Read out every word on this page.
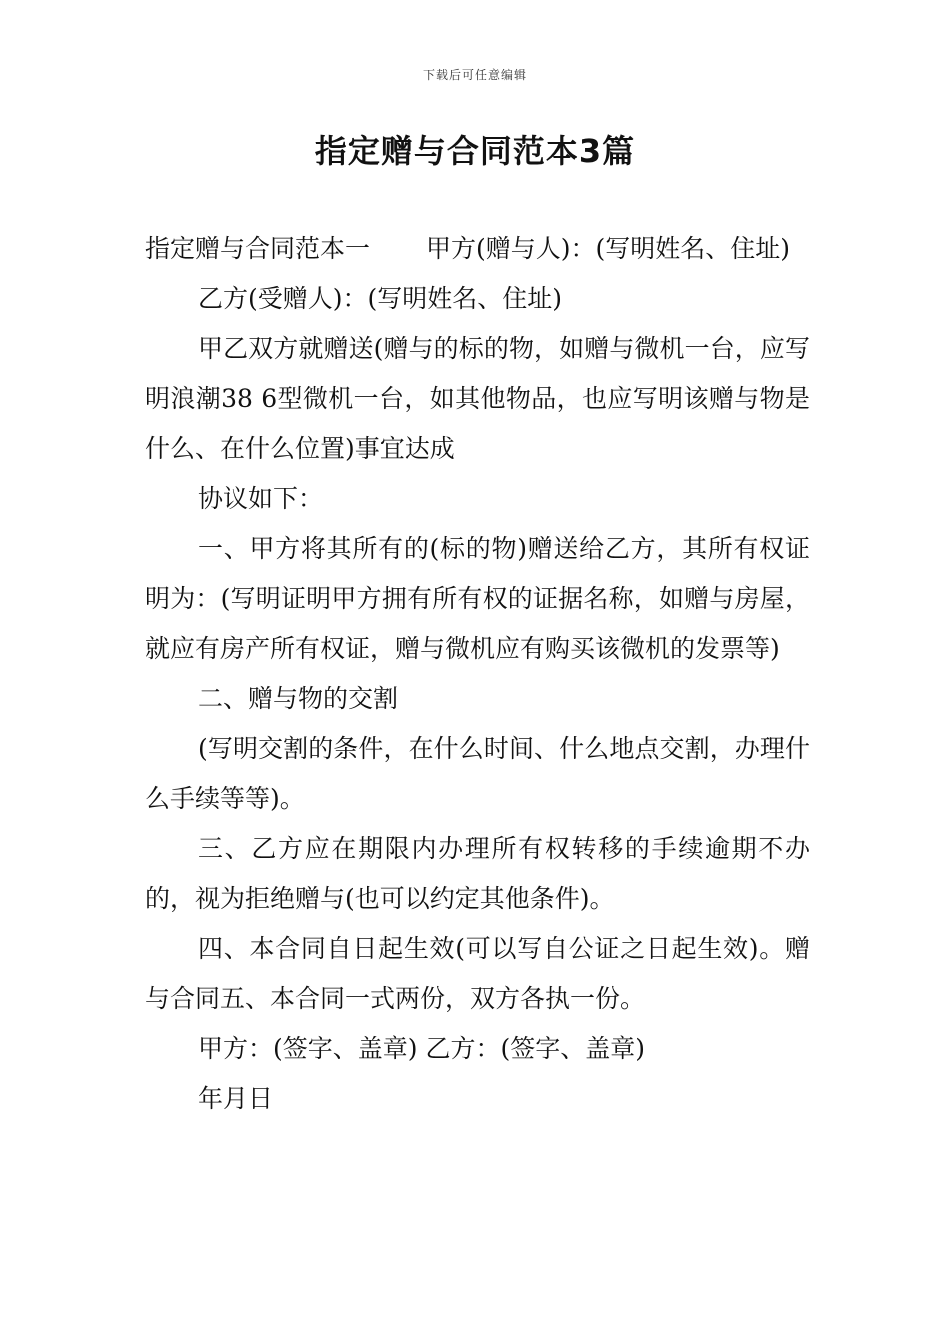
下载后可任意编辑
指定赠与合同范本3篇

指定赠与合同范本一 甲方(赠与人)：(写明姓名、住址)

乙方(受赠人)：(写明姓名、住址)

甲乙双方就赠送(赠与的标的物，如赠与微机一台，应写明浪潮38 6型微机一台，如其他物品，也应写明该赠与物是什么、在什么位置)事宜达成

协议如下：

一、甲方将其所有的(标的物)赠送给乙方，其所有权证明为：(写明证明甲方拥有所有权的证据名称，如赠与房屋，就应有房产所有权证，赠与微机应有购买该微机的发票等)

二、赠与物的交割

(写明交割的条件，在什么时间、什么地点交割，办理什么手续等等)。

三、乙方应在期限内办理所有权转移的手续逾期不办的，视为拒绝赠与(也可以约定其他条件)。

四、本合同自日起生效(可以写自公证之日起生效)。赠与合同五、本合同一式两份，双方各执一份。

甲方：(签字、盖章) 乙方：(签字、盖章)

年月日
